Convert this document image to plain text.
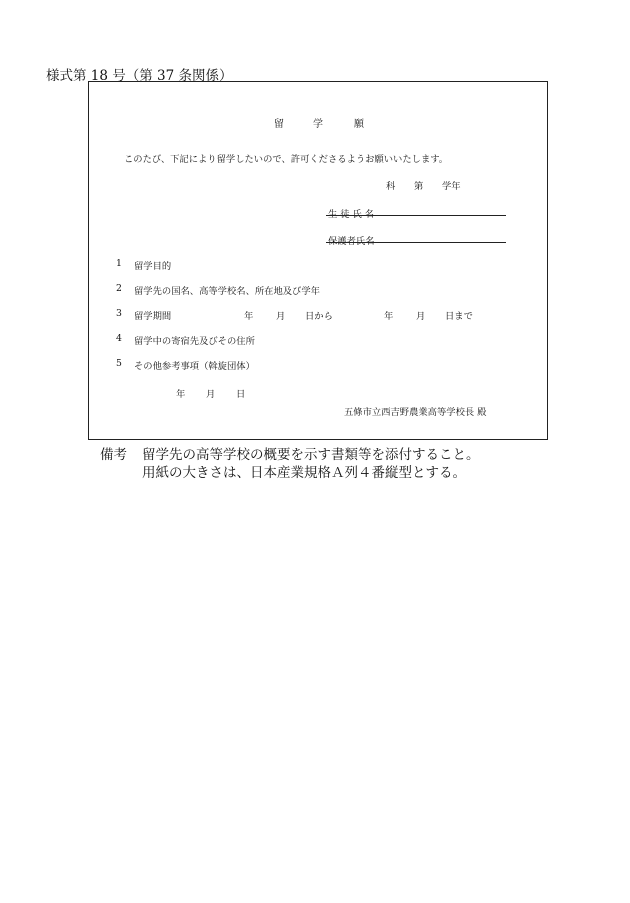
様式第 18 号（第 37 条関係）
留	学	願
このたび、下記により留学したいので、許可くださるようお願いいたします。
科 第 学年
生 徒 氏 名
保護者氏名
1 留学目的
2 留学先の国名、高等学校名、所在地及び学年
3 留学期間	年 月 日から	年 月 日まで
4 留学中の寄宿先及びその住所
5 その他参考事項（斡旋団体）
年 月 日
五條市立西吉野農業高等学校長 殿
備考 留学先の高等学校の概要を示す書類等を添付すること。
用紙の大きさは、日本産業規格Ａ列４番縦型とする。
